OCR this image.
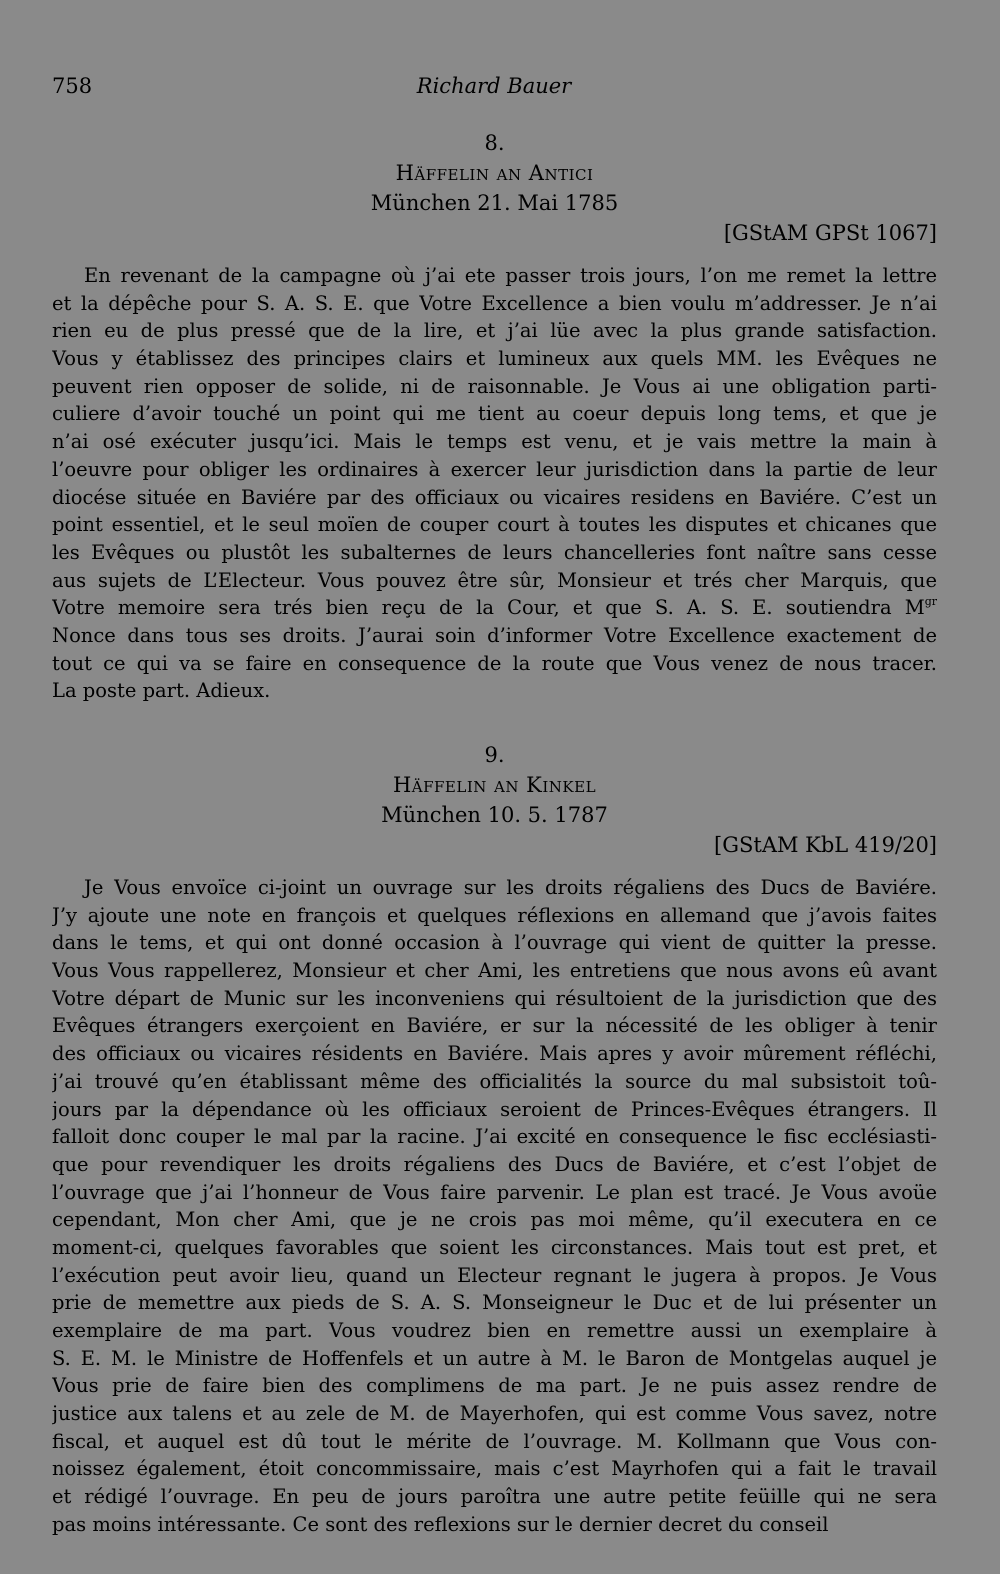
758	Richard Bauer
8.
Häffelin an Antici
München 21. Mai 1785
[GStAM GPSt 1067]
En revenant de la campagne où j’ai ete passer trois jours, l’on me remet la lettre
et la dépêche pour S. A. S. E. que Votre Excellence a bien voulu m’addresser. Je n’ai
rien eu de plus pressé que de la lire, et j’ai lüe avec la plus grande satisfaction.
Vous y établissez des principes clairs et lumineux aux quels MM. les Evêques ne
peuvent rien opposer de solide, ni de raisonnable. Je Vous ai une obligation parti-
culiere d’avoir touché un point qui me tient au coeur depuis long tems, et que je
n’ai osé exécuter jusqu’ici. Mais le temps est venu, et je vais mettre la main à
l’oeuvre pour obliger les ordinaires à exercer leur jurisdiction dans la partie de leur
diocése située en Baviére par des officiaux ou vicaires residens en Baviére. C’est un
point essentiel, et le seul moïen de couper court à toutes les disputes et chicanes que
les Evêques ou plustôt les subalternes de leurs chancelleries font naître sans cesse
aus sujets de L’Electeur. Vous pouvez être sûr, Monsieur et trés cher Marquis, que
Votre memoire sera trés bien reçu de la Cour, et que S. A. S. E. soutiendra $M^{gr}$
Nonce dans tous ses droits. J’aurai soin d’informer Votre Excellence exactement de
tout ce qui va se faire en consequence de la route que Vous venez de nous tracer.
La poste part. Adieux.
9.
Häffelin an Kinkel
München 10. 5. 1787
[GStAM KbL 419/20]
Je Vous envoïce ci-joint un ouvrage sur les droits régaliens des Ducs de Baviére.
J’y ajoute une note en françois et quelques réflexions en allemand que j’avois faites
dans le tems, et qui ont donné occasion à l’ouvrage qui vient de quitter la presse.
Vous Vous rappellerez, Monsieur et cher Ami, les entretiens que nous avons eû avant
Votre départ de Munic sur les inconveniens qui résultoient de la jurisdiction que des
Evêques étrangers exerçoient en Baviére, er sur la nécessité de les obliger à tenir
des officiaux ou vicaires résidents en Baviére. Mais apres y avoir mûrement réfléchi,
j’ai trouvé qu’en établissant même des officialités la source du mal subsistoit toû-
jours par la dépendance où les officiaux seroient de Princes-Evêques étrangers. Il
falloit donc couper le mal par la racine. J’ai excité en consequence le fisc ecclésiasti-
que pour revendiquer les droits régaliens des Ducs de Baviére, et c’est l’objet de
l’ouvrage que j’ai l’honneur de Vous faire parvenir. Le plan est tracé. Je Vous avoüe
cependant, Mon cher Ami, que je ne crois pas moi même, qu’il executera en ce
moment-ci, quelques favorables que soient les circonstances. Mais tout est pret, et
l’exécution peut avoir lieu, quand un Electeur regnant le jugera à propos. Je Vous
prie de memettre aux pieds de S. A. S. Monseigneur le Duc et de lui présenter un
exemplaire de ma part. Vous voudrez bien en remettre aussi un exemplaire à
S. E. M. le Ministre de Hoffenfels et un autre à M. le Baron de Montgelas auquel je
Vous prie de faire bien des complimens de ma part. Je ne puis assez rendre de
justice aux talens et au zele de M. de Mayerhofen, qui est comme Vous savez, notre
fiscal, et auquel est dû tout le mérite de l’ouvrage. M. Kollmann que Vous con-
noissez également, étoit concommissaire, mais c’est Mayrhofen qui a fait le travail
et rédigé l’ouvrage. En peu de jours paroîtra une autre petite feüille qui ne sera
pas moins intéressante. Ce sont des reflexions sur le dernier decret du conseil
